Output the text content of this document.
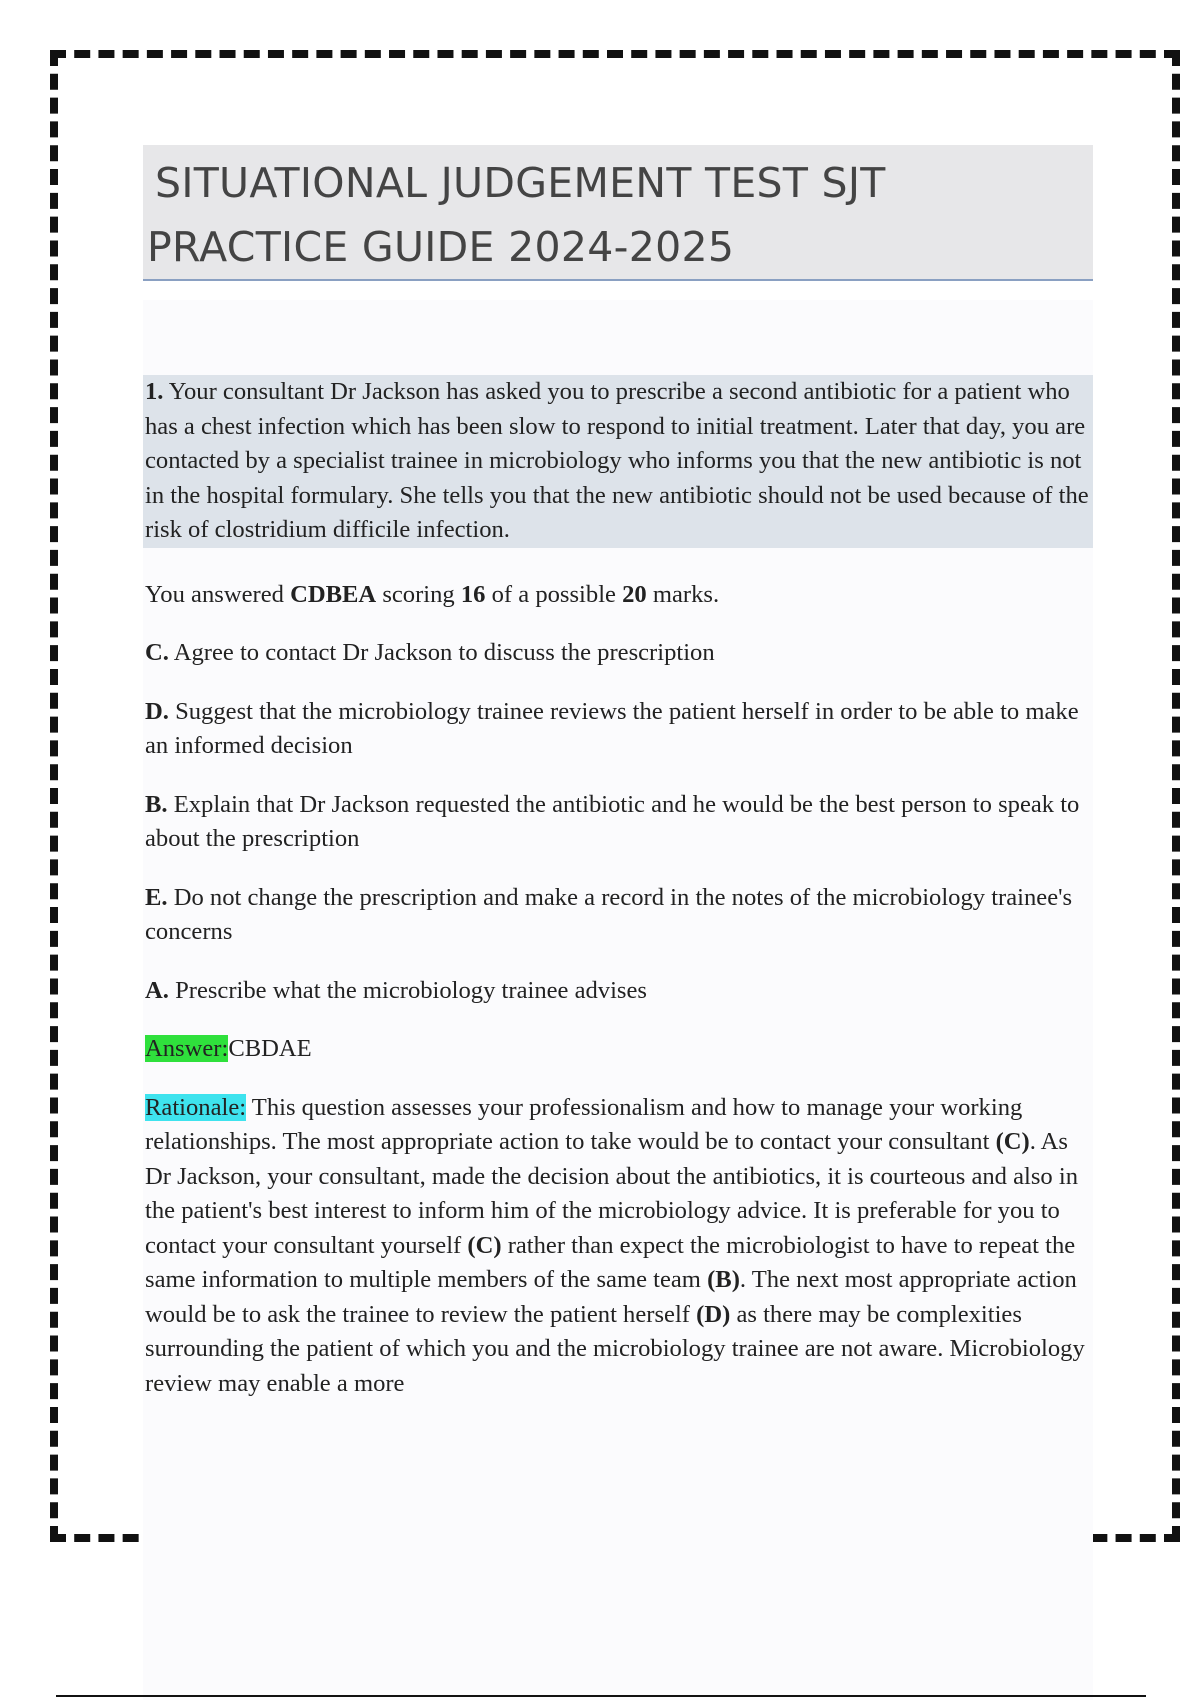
SITUATIONAL JUDGEMENT TEST SJT
PRACTICE GUIDE 2024-2025
1. Your consultant Dr Jackson has asked you to prescribe a second antibiotic for a patient who has a chest infection which has been slow to respond to initial treatment. Later that day, you are contacted by a specialist trainee in microbiology who informs you that the new antibiotic is not in the hospital formulary. She tells you that the new antibiotic should not be used because of the risk of clostridium difficile infection.

You answered CDBEA scoring 16 of a possible 20 marks.

C. Agree to contact Dr Jackson to discuss the prescription

D. Suggest that the microbiology trainee reviews the patient herself in order to be able to make an informed decision

B. Explain that Dr Jackson requested the antibiotic and he would be the best person to speak to about the prescription

E. Do not change the prescription and make a record in the notes of the microbiology trainee's concerns

A. Prescribe what the microbiology trainee advises

Answer:CBDAE

Rationale: This question assesses your professionalism and how to manage your working relationships. The most appropriate action to take would be to contact your consultant (C). As Dr Jackson, your consultant, made the decision about the antibiotics, it is courteous and also in the patient's best interest to inform him of the microbiology advice. It is preferable for you to contact your consultant yourself (C) rather than expect the microbiologist to have to repeat the same information to multiple members of the same team (B). The next most appropriate action would be to ask the trainee to review the patient herself (D) as there may be complexities surrounding the patient of which you and the microbiology trainee are not aware. Microbiology review may enable a more
